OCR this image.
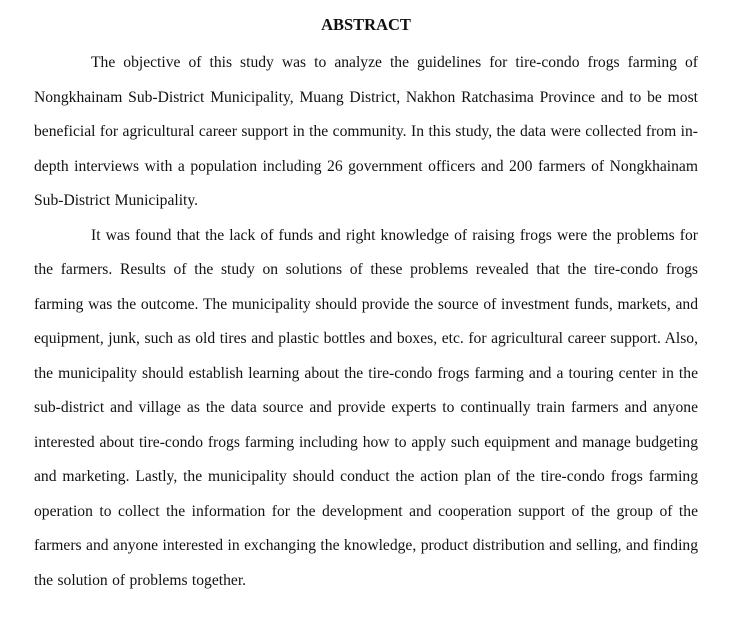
ABSTRACT

The objective of this study was to analyze the guidelines for tire-condo frogs farming of Nongkhainam Sub-District Municipality, Muang District, Nakhon Ratchasima Province and to be most beneficial for agricultural career support in the community. In this study, the data were collected from in-depth interviews with a population including 26 government officers and 200 farmers of Nongkhainam Sub-District Municipality.

It was found that the lack of funds and right knowledge of raising frogs were the problems for the farmers. Results of the study on solutions of these problems revealed that the tire-condo frogs farming was the outcome. The municipality should provide the source of investment funds, markets, and equipment, junk, such as old tires and plastic bottles and boxes, etc. for agricultural career support. Also, the municipality should establish learning about the tire-condo frogs farming and a touring center in the sub-district and village as the data source and provide experts to continually train farmers and anyone interested about tire-condo frogs farming including how to apply such equipment and manage budgeting and marketing. Lastly, the municipality should conduct the action plan of the tire-condo frogs farming operation to collect the information for the development and cooperation support of the group of the farmers and anyone interested in exchanging the knowledge, product distribution and selling, and finding the solution of problems together.
